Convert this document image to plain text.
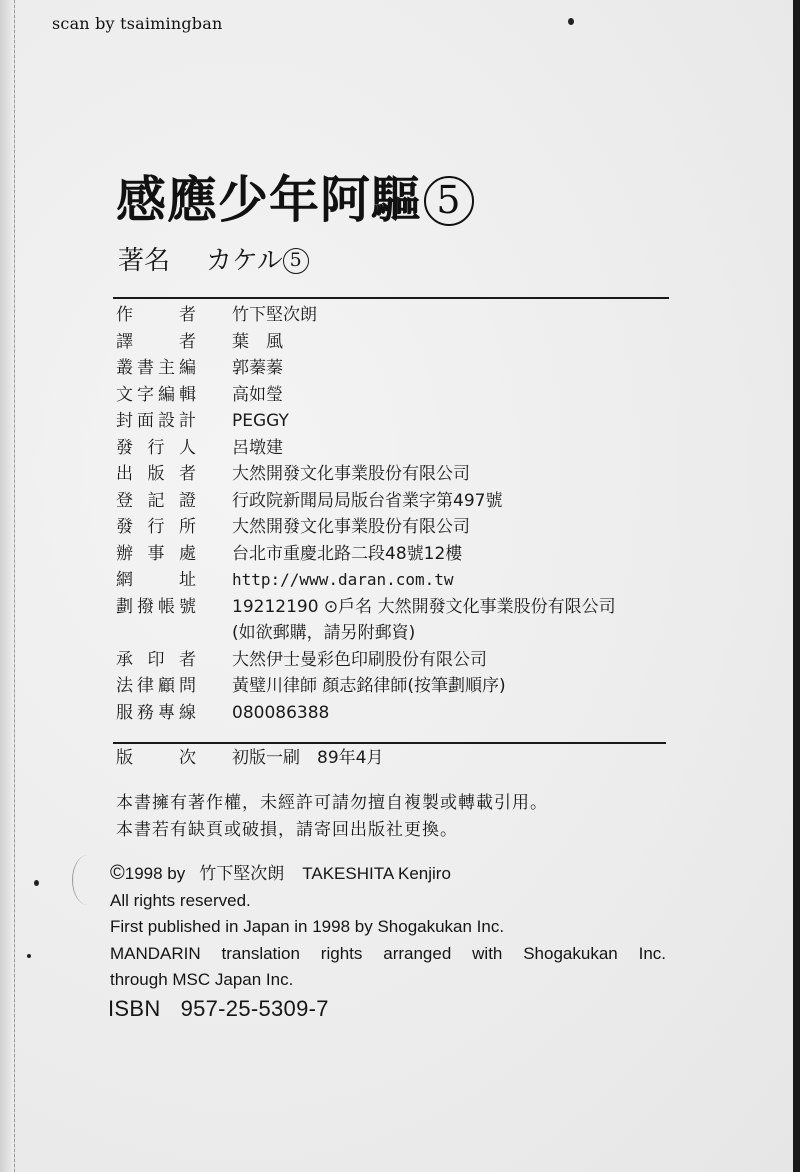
scan by tsaimingban
感應少年阿驅 5
著名 カケル 5
作	者 竹下堅次朗
譯	者 葉　風
叢 書 主 編 郭蓁蓁
文 字 編 輯 高如瑩
封 面 設 計 PEGGY
發 行 人 呂墩建
出 版 者 大然開發文化事業股份有限公司
登 記 證 行政院新聞局局版台省業字第497號
發 行 所 大然開發文化事業股份有限公司
辦 事 處 台北市重慶北路二段48號12樓
網	址 http://www.daran.com.tw
劃 撥 帳 號 19212190 ⊙戶名 大然開發文化事業股份有限公司
(如欲郵購，請另附郵資)
承 印 者 大然伊士曼彩色印刷股份有限公司
法 律 顧 問 黃璧川律師 顏志銘律師(按筆劃順序)
服 務 專 線 080086388
版	次 初版一刷　89年4月
本書擁有著作權，未經許可請勿擅自複製或轉載引用。
本書若有缺頁或破損，請寄回出版社更換。
©1998 by 竹下堅次朗 TAKESHITA Kenjiro
All rights reserved.
First published in Japan in 1998 by Shogakukan Inc.
MANDARIN translation rights arranged with Shogakukan Inc.
through MSC Japan Inc.
ISBN 957-25-5309-7
